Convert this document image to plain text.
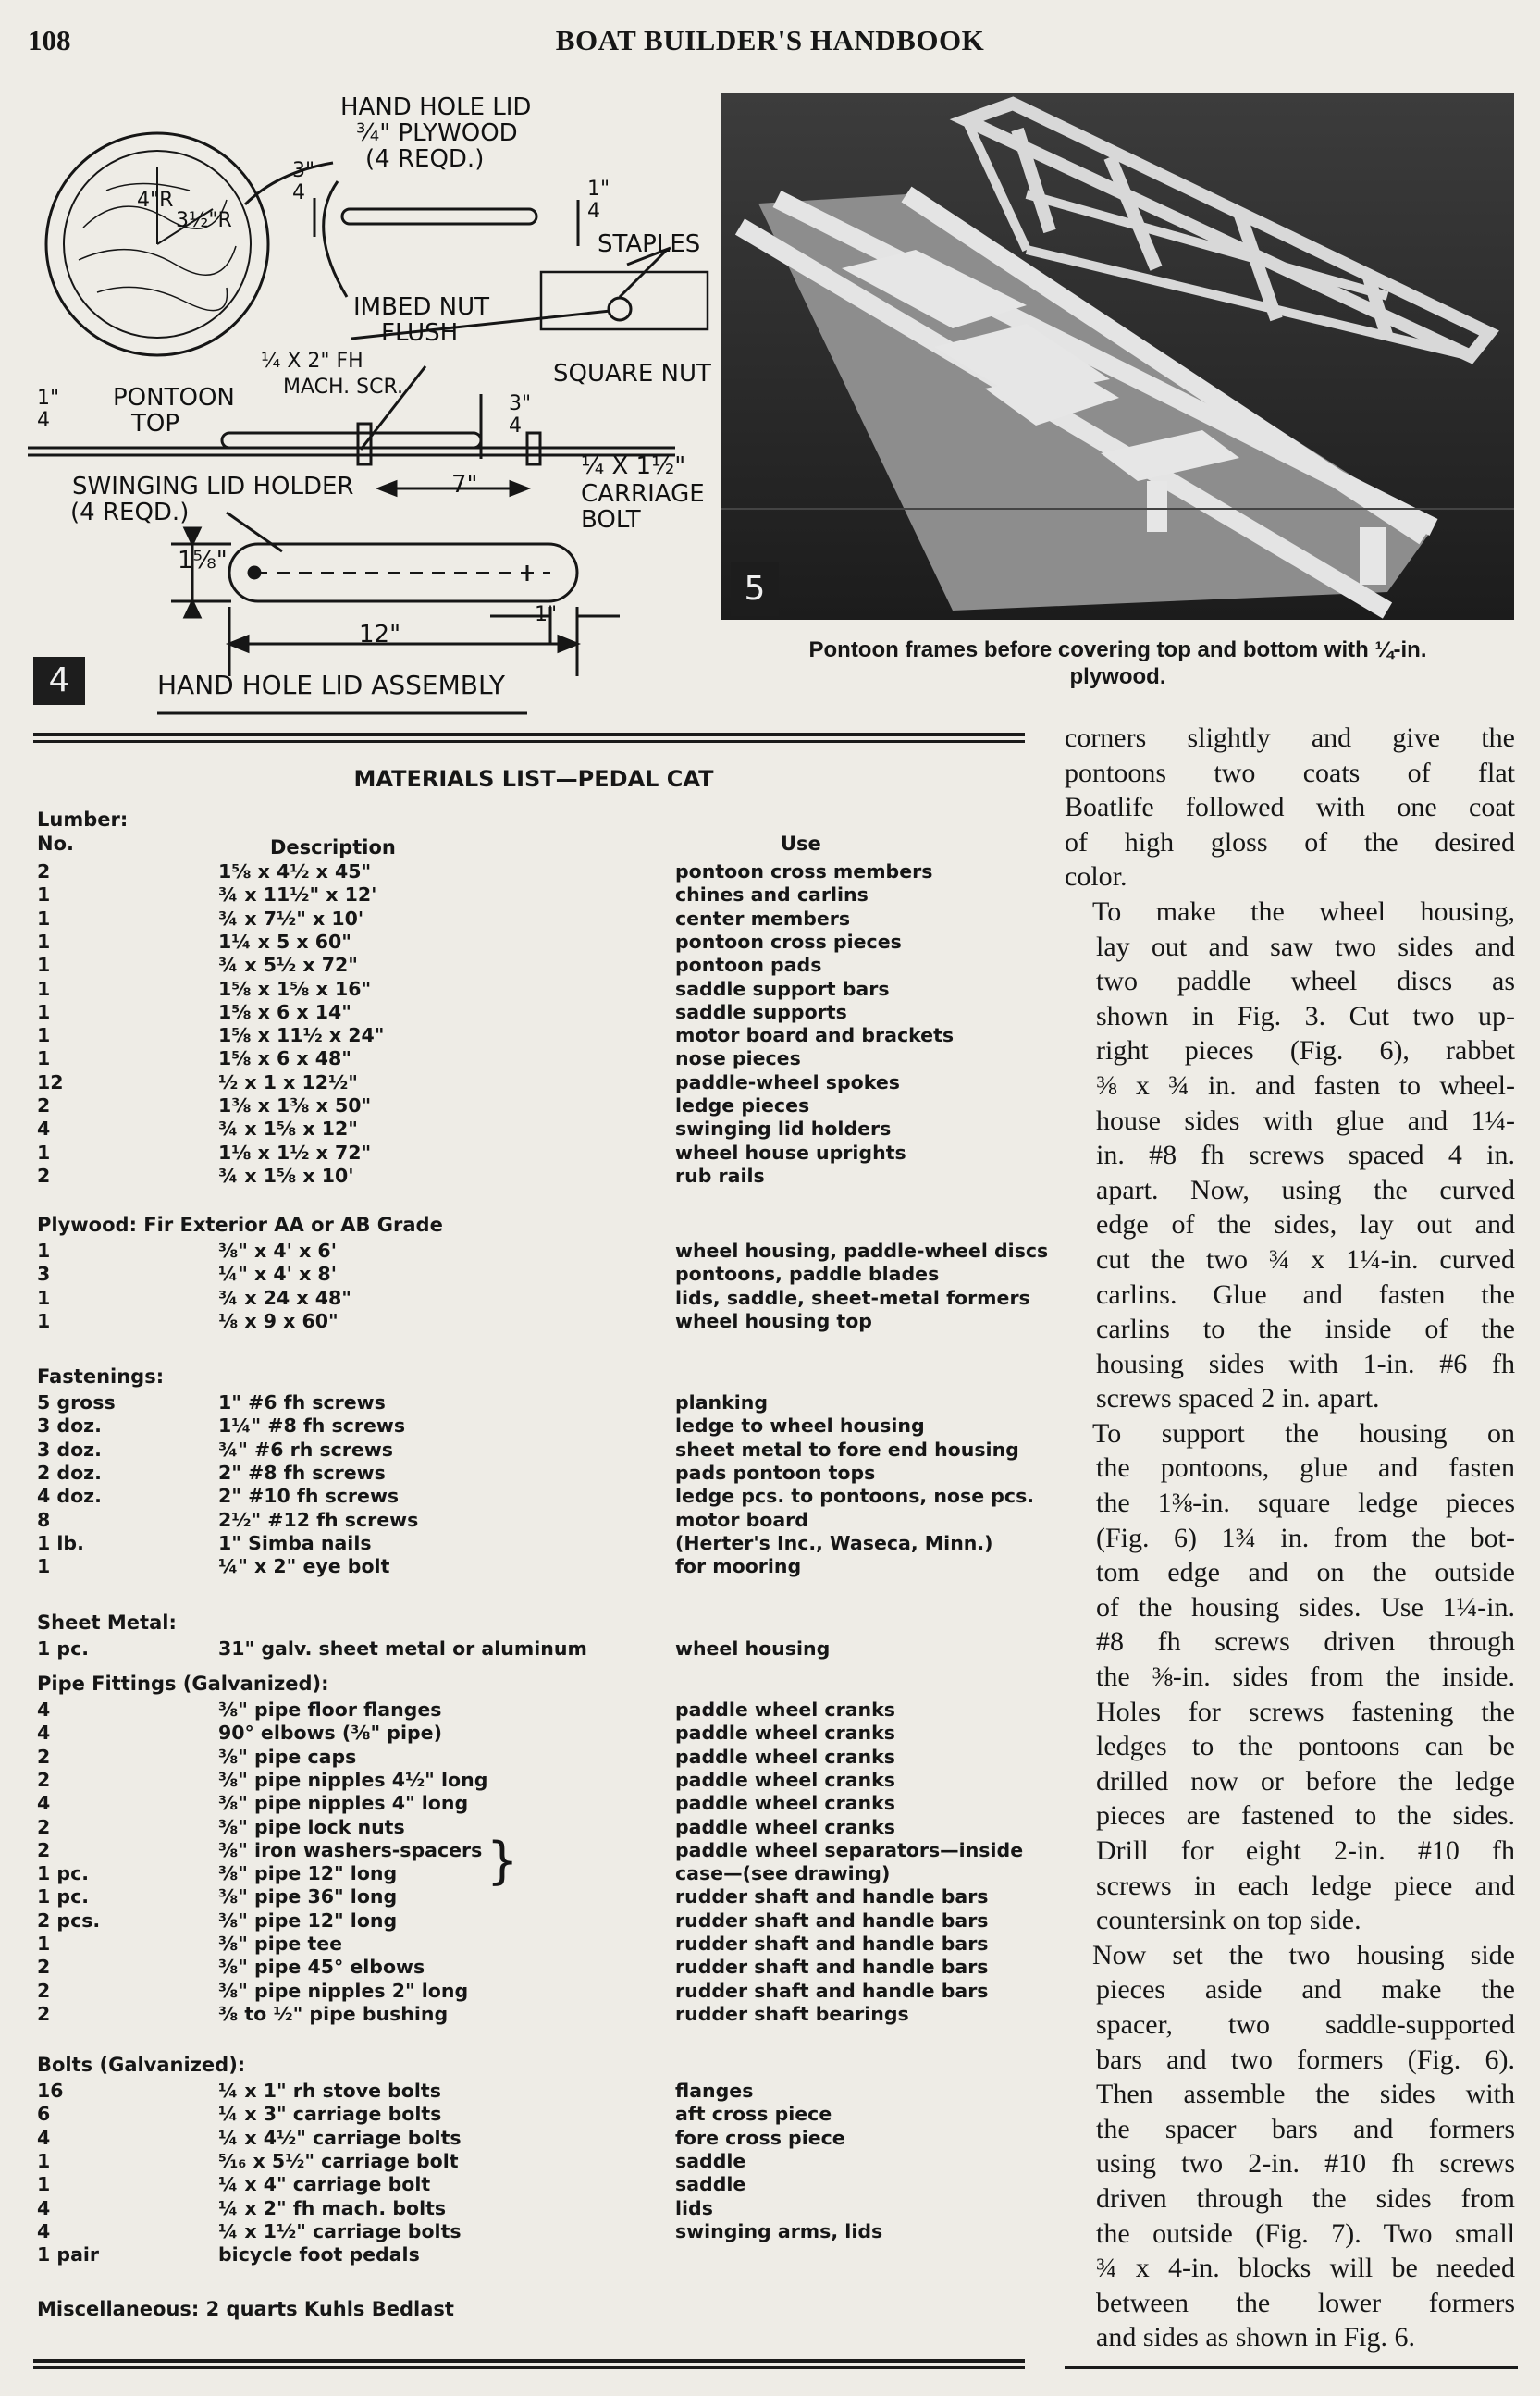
108	BOAT BUILDER'S HANDBOOK
HAND HOLE LID
¾" PLYWOOD
(4 REQD.)
4"R
3½"R
3"
4	1"
4
STAPLES
IMBED NUT
FLUSH
¼ X 2" FH
MACH. SCR.	SQUARE NUT
1"
4
PONTOON
TOP
3"
4
SWINGING LID HOLDER
(4 REQD.)
7"
¼ X 1½"
CARRIAGE
BOLT
1⅝"
12"
1"
4	HAND HOLE LID ASSEMBLY
5
Pontoon frames before covering top and bottom with ¼-in.
plywood.
MATERIALS LIST—PEDAL CAT
Lumber:
No.	Description	Use
2	1⅝ x 4½ x 45"	pontoon cross members
1	¾ x 11½" x 12'	chines and carlins
1	¾ x 7½" x 10'	center members
1	1¼ x 5 x 60"	pontoon cross pieces
1	¾ x 5½ x 72"	pontoon pads
1	1⅝ x 1⅝ x 16"	saddle support bars
1	1⅝ x 6 x 14"	saddle supports
1	1⅝ x 11½ x 24"	motor board and brackets
1	1⅝ x 6 x 48"	nose pieces
12	½ x 1 x 12½"	paddle-wheel spokes
2	1⅜ x 1⅜ x 50"	ledge pieces
4	¾ x 1⅝ x 12"	swinging lid holders
1	1⅛ x 1½ x 72"	wheel house uprights
2	¾ x 1⅝ x 10'	rub rails
Plywood: Fir Exterior AA or AB Grade
1	⅜" x 4' x 6'	wheel housing, paddle-wheel discs
3	¼" x 4' x 8'	pontoons, paddle blades
1	¾ x 24 x 48"	lids, saddle, sheet-metal formers
1	⅛ x 9 x 60"	wheel housing top
Fastenings:
5 gross	1" #6 fh screws	planking
3 doz.	1¼" #8 fh screws	ledge to wheel housing
3 doz.	¾" #6 rh screws	sheet metal to fore end housing
2 doz.	2" #8 fh screws	pads pontoon tops
4 doz.	2" #10 fh screws	ledge pcs. to pontoons, nose pcs.
8	2½" #12 fh screws	motor board
1 lb.	1" Simba nails	(Herter's Inc., Waseca, Minn.)
1	¼" x 2" eye bolt	for mooring
Sheet Metal:
1 pc.	31" galv. sheet metal or aluminum	wheel housing
Pipe Fittings (Galvanized):
4	⅜" pipe floor flanges	paddle wheel cranks
4	90° elbows (⅜" pipe)	paddle wheel cranks
2	⅜" pipe caps	paddle wheel cranks
2	⅜" pipe nipples 4½" long	paddle wheel cranks
4	⅜" pipe nipples 4" long	paddle wheel cranks
2	⅜" pipe lock nuts	paddle wheel cranks
2	⅜" iron washers-spacers	paddle wheel separators—inside
1 pc.	⅜" pipe 12" long	case—(see drawing)
1 pc.	⅜" pipe 36" long	rudder shaft and handle bars
2 pcs.	⅜" pipe 12" long	rudder shaft and handle bars
1	⅜" pipe tee	rudder shaft and handle bars
2	⅜" pipe 45° elbows	rudder shaft and handle bars
2	⅜" pipe nipples 2" long	rudder shaft and handle bars
2	⅜ to ½" pipe bushing	rudder shaft bearings
}
Bolts (Galvanized):
16	¼ x 1" rh stove bolts	flanges
6	¼ x 3" carriage bolts	aft cross piece
4	¼ x 4½" carriage bolts	fore cross piece
1	⁵⁄₁₆ x 5½" carriage bolt	saddle
1	¼ x 4" carriage bolt	saddle
4	¼ x 2" fh mach. bolts	lids
4	¼ x 1½" carriage bolts	swinging arms, lids
1 pair	bicycle foot pedals
Miscellaneous: 2 quarts Kuhls Bedlast

corners slightly and give the
pontoons two coats of flat
Boatlife followed with one coat
of high gloss of the desired
color.

To make the wheel housing,
lay out and saw two sides and
two paddle wheel discs as
shown in Fig. 3. Cut two up-
right pieces (Fig. 6), rabbet
⅜ x ¾ in. and fasten to wheel-
house sides with glue and 1¼-
in. #8 fh screws spaced 4 in.
apart. Now, using the curved
edge of the sides, lay out and
cut the two ¾ x 1¼-in. curved
carlins. Glue and fasten the
carlins to the inside of the
housing sides with 1-in. #6 fh
screws spaced 2 in. apart.

To support the housing on
the pontoons, glue and fasten
the 1⅜-in. square ledge pieces
(Fig. 6) 1¾ in. from the bot-
tom edge and on the outside
of the housing sides. Use 1¼-in.
#8 fh screws driven through
the ⅜-in. sides from the inside.
Holes for screws fastening the
ledges to the pontoons can be
drilled now or before the ledge
pieces are fastened to the sides.
Drill for eight 2-in. #10 fh
screws in each ledge piece and
countersink on top side.

Now set the two housing side
pieces aside and make the
spacer, two saddle-supported
bars and two formers (Fig. 6).
Then assemble the sides with
the spacer bars and formers
using two 2-in. #10 fh screws
driven through the sides from
the outside (Fig. 7). Two small
¾ x 4-in. blocks will be needed
between the lower formers
and sides as shown in Fig. 6.
